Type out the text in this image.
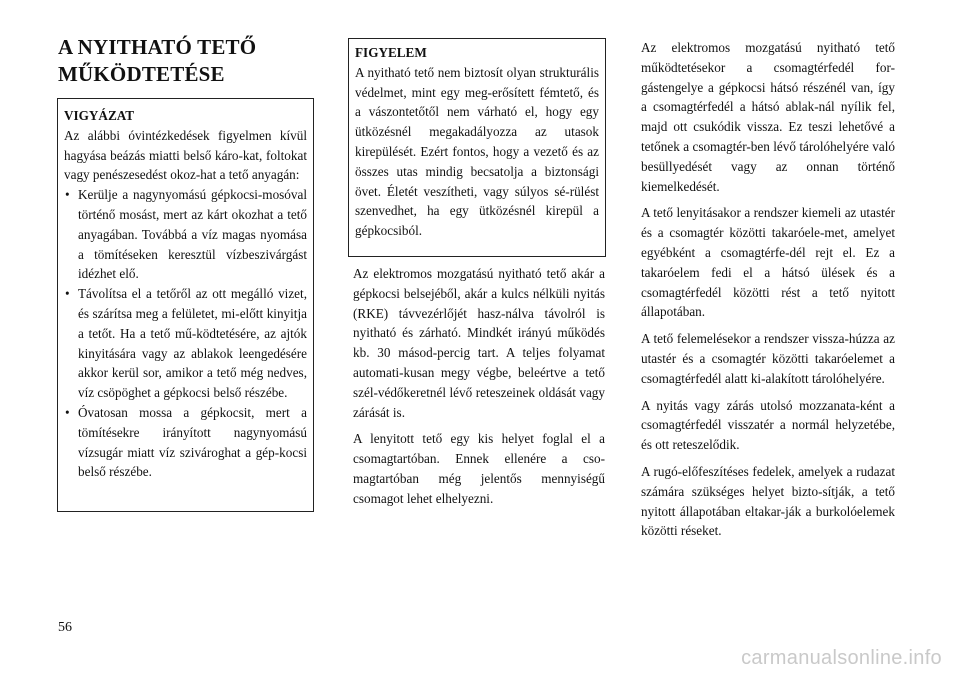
A NYITHATÓ TETŐ
MŰKÖDTETÉSE
VIGYÁZAT
Az alábbi óvintézkedések figyelmen kívül hagyása beázás miatti belső káro-kat, foltokat vagy penészesedést okoz-hat a tető anyagán:
• Kerülje a nagynyomású gépkocsi-mosóval történő mosást, mert az kárt okozhat a tető anyagában. Továbbá a víz magas nyomása a tömítéseken keresztül vízbeszivárgást idézhet elő.
• Távolítsa el a tetőről az ott megálló vizet, és szárítsa meg a felületet, mi-előtt kinyitja a tetőt. Ha a tető mű-ködtetésére, az ajtók kinyitására vagy az ablakok leengedésére akkor kerül sor, amikor a tető még nedves, víz csöpöghet a gépkocsi belső részébe.
• Óvatosan mossa a gépkocsit, mert a tömítésekre irányított nagynyomású vízsugár miatt víz szivároghat a gép-kocsi belső részébe.
FIGYELEM
A nyitható tető nem biztosít olyan strukturális védelmet, mint egy meg-erősített fémtető, és a vászontetőtől nem várható el, hogy egy ütközésnél megakadályozza az utasok kirepülését. Ezért fontos, hogy a vezető és az összes utas mindig becsatolja a biztonsági övet. Életét veszítheti, vagy súlyos sé-rülést szenvedhet, ha egy ütközésnél kirepül a gépkocsiból.

Az elektromos mozgatású nyitható tető akár a gépkocsi belsejéből, akár a kulcs nélküli nyitás (RKE) távvezérlőjét hasz-nálva távolról is nyitható és zárható. Mindkét irányú működés kb. 30 másod-percig tart. A teljes folyamat automati-kusan megy végbe, beleértve a tető szél-védőkeretnél lévő reteszeinek oldását vagy zárását is.

A lenyitott tető egy kis helyet foglal el a csomagtartóban. Ennek ellenére a cso-magtartóban még jelentős mennyiségű csomagot lehet elhelyezni.

Az elektromos mozgatású nyitható tető működtetésekor a csomagtérfedél for-gástengelye a gépkocsi hátsó részénél van, így a csomagtérfedél a hátsó ablak-nál nyílik fel, majd ott csukódik vissza. Ez teszi lehetővé a tetőnek a csomagtér-ben lévő tárolóhelyére való besüllyedését vagy az onnan történő kiemelkedését.

A tető lenyitásakor a rendszer kiemeli az utastér és a csomagtér közötti takaróele-met, amelyet egyébként a csomagtérfe-dél rejt el. Ez a takaróelem fedi el a hátsó ülések és a csomagtérfedél közötti rést a tető nyitott állapotában.

A tető felemelésekor a rendszer vissza-húzza az utastér és a csomagtér közötti takaróelemet a csomagtérfedél alatt ki-alakított tárolóhelyére.

A nyitás vagy zárás utolsó mozzanata-ként a csomagtérfedél visszatér a normál helyzetébe, és ott reteszelődik.

A rugó-előfeszítéses fedelek, amelyek a rudazat számára szükséges helyet bizto-sítják, a tető nyitott állapotában eltakar-ják a burkolóelemek közötti réseket.

56
carmanualsonline.info
